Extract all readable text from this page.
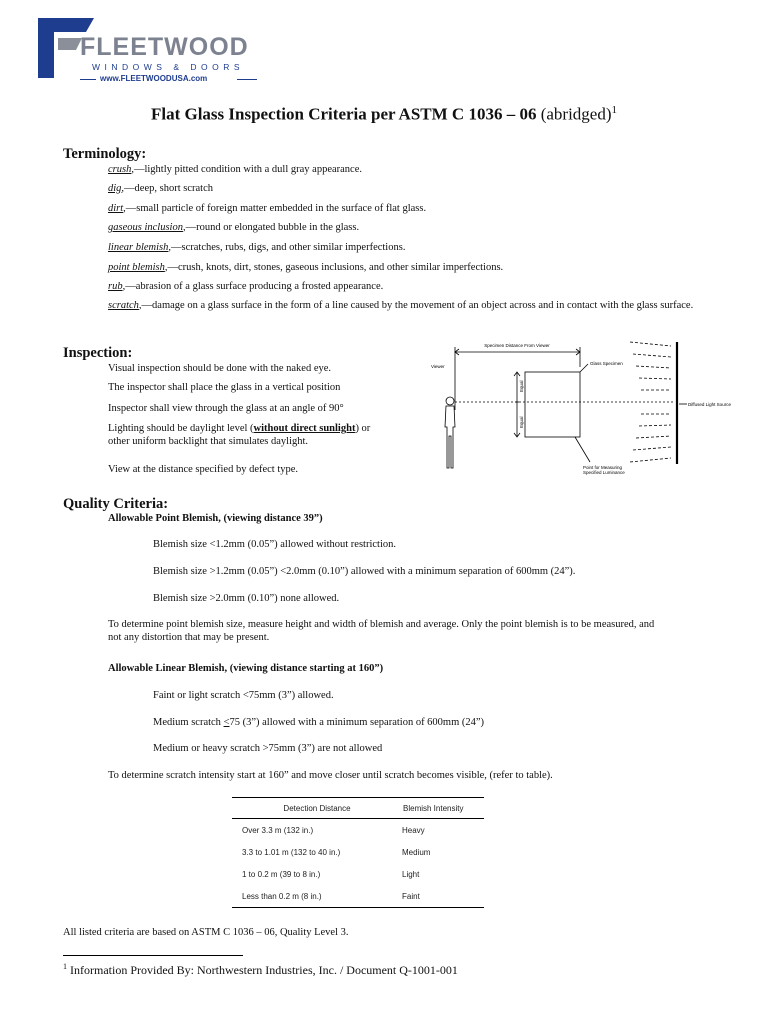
FLEETWOOD
WINDOWS & DOORS
www.FLEETWOODUSA.com
Flat Glass Inspection Criteria per ASTM C 1036 – 06 (abridged)$^1$
Terminology:
crush,—lightly pitted condition with a dull gray appearance.
dig,—deep, short scratch
dirt,—small particle of foreign matter embedded in the surface of flat glass.
gaseous inclusion,—round or elongated bubble in the glass.
linear blemish,—scratches, rubs, digs, and other similar imperfections.
point blemish,—crush, knots, dirt, stones, gaseous inclusions, and other similar imperfections.
rub,—abrasion of a glass surface producing a frosted appearance.
scratch,—damage on a glass surface in the form of a line caused by the movement of an object across and in contact with the glass surface.
Inspection:
Visual inspection should be done with the naked eye.
The inspector shall place the glass in a vertical position
Inspector shall view through the glass at an angle of 90°
Lighting should be daylight level (without direct sunlight) or
other uniform backlight that simulates daylight.
View at the distance specified by defect type.
Specimen Distance From Viewer
Viewer
Glass Specimen
Diffused Light Source
Point for Measuring
Specified Luminance
Equal
Equal
Quality Criteria:
Allowable Point Blemish, (viewing distance 39”)
Blemish size <1.2mm (0.05”) allowed without restriction.
Blemish size >1.2mm (0.05”) <2.0mm (0.10”) allowed with a minimum separation of 600mm (24”).
Blemish size >2.0mm (0.10”) none allowed.
To determine point blemish size, measure height and width of blemish and average. Only the point blemish is to be measured, and
not any distortion that may be present.
Allowable Linear Blemish, (viewing distance starting at 160”)
Faint or light scratch <75mm (3”) allowed.
Medium scratch <75 (3”) allowed with a minimum separation of 600mm (24”)
Medium or heavy scratch >75mm (3”) are not allowed
To determine scratch intensity start at 160” and move closer until scratch becomes visible, (refer to table).
Detection Distance	Blemish Intensity
Over 3.3 m (132 in.)	Heavy
3.3 to 1.01 m (132 to 40 in.)	Medium
1 to 0.2 m (39 to 8 in.)	Light
Less than 0.2 m (8 in.)	Faint
All listed criteria are based on ASTM C 1036 – 06, Quality Level 3.
$^1$ Information Provided By: Northwestern Industries, Inc. / Document Q-1001-001
